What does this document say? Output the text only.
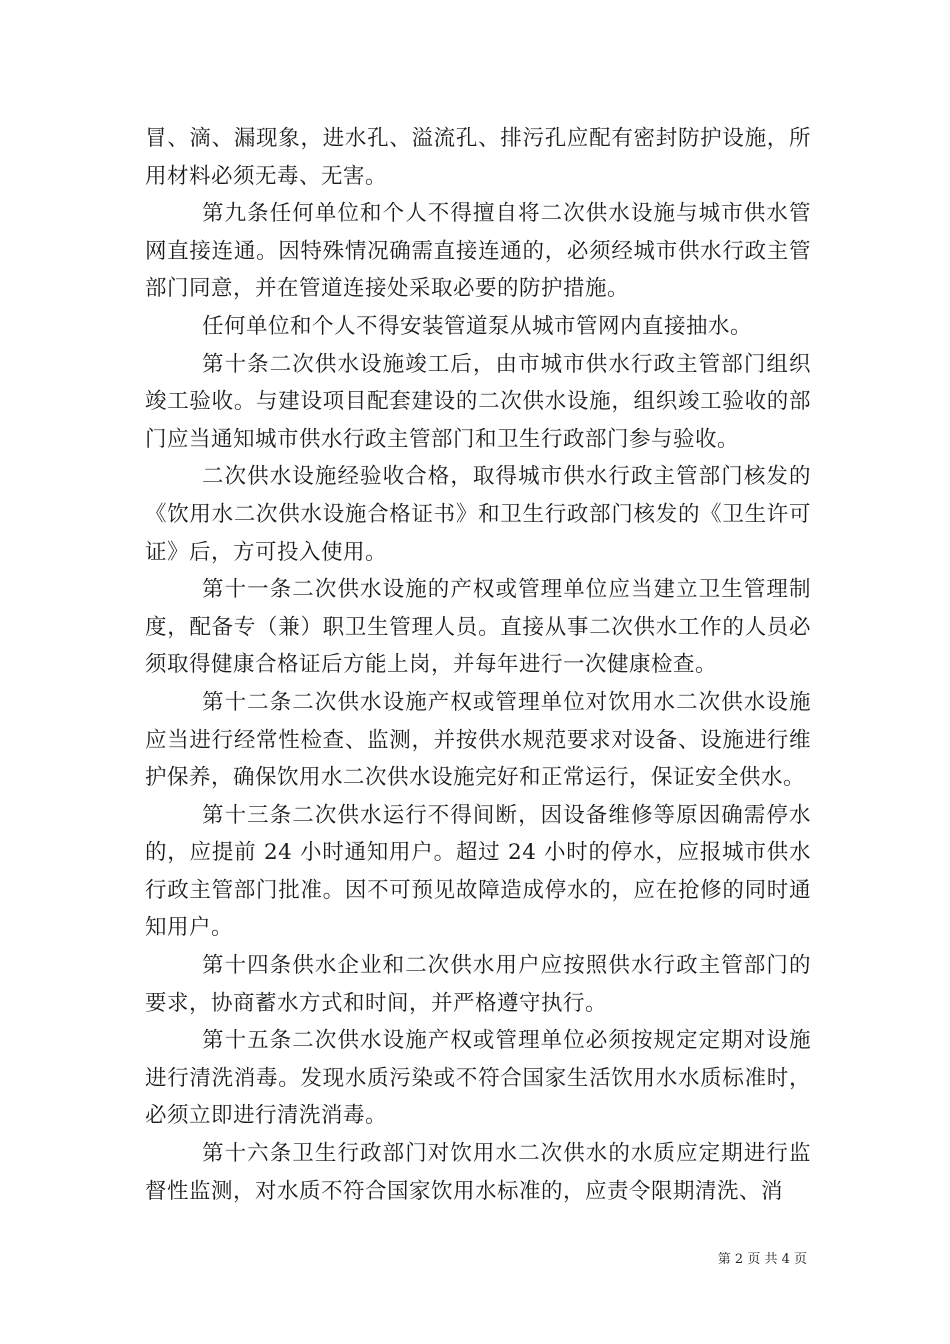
冒、滴、漏现象，进水孔、溢流孔、排污孔应配有密封防护设施，所用材料必须无毒、无害。

第九条任何单位和个人不得擅自将二次供水设施与城市供水管网直接连通。因特殊情况确需直接连通的，必须经城市供水行政主管部门同意，并在管道连接处采取必要的防护措施。

任何单位和个人不得安装管道泵从城市管网内直接抽水。

第十条二次供水设施竣工后，由市城市供水行政主管部门组织竣工验收。与建设项目配套建设的二次供水设施，组织竣工验收的部门应当通知城市供水行政主管部门和卫生行政部门参与验收。

二次供水设施经验收合格，取得城市供水行政主管部门核发的《饮用水二次供水设施合格证书》和卫生行政部门核发的《卫生许可证》后，方可投入使用。

第十一条二次供水设施的产权或管理单位应当建立卫生管理制度，配备专（兼）职卫生管理人员。直接从事二次供水工作的人员必须取得健康合格证后方能上岗，并每年进行一次健康检查。

第十二条二次供水设施产权或管理单位对饮用水二次供水设施应当进行经常性检查、监测，并按供水规范要求对设备、设施进行维护保养，确保饮用水二次供水设施完好和正常运行，保证安全供水。

第十三条二次供水运行不得间断，因设备维修等原因确需停水的，应提前 24 小时通知用户。超过 24 小时的停水，应报城市供水行政主管部门批准。因不可预见故障造成停水的，应在抢修的同时通知用户。

第十四条供水企业和二次供水用户应按照供水行政主管部门的要求，协商蓄水方式和时间，并严格遵守执行。

第十五条二次供水设施产权或管理单位必须按规定定期对设施进行清洗消毒。发现水质污染或不符合国家生活饮用水水质标准时，必须立即进行清洗消毒。

第十六条卫生行政部门对饮用水二次供水的水质应定期进行监督性监测，对水质不符合国家饮用水标准的，应责令限期清洗、消

第 2 页 共 4 页
